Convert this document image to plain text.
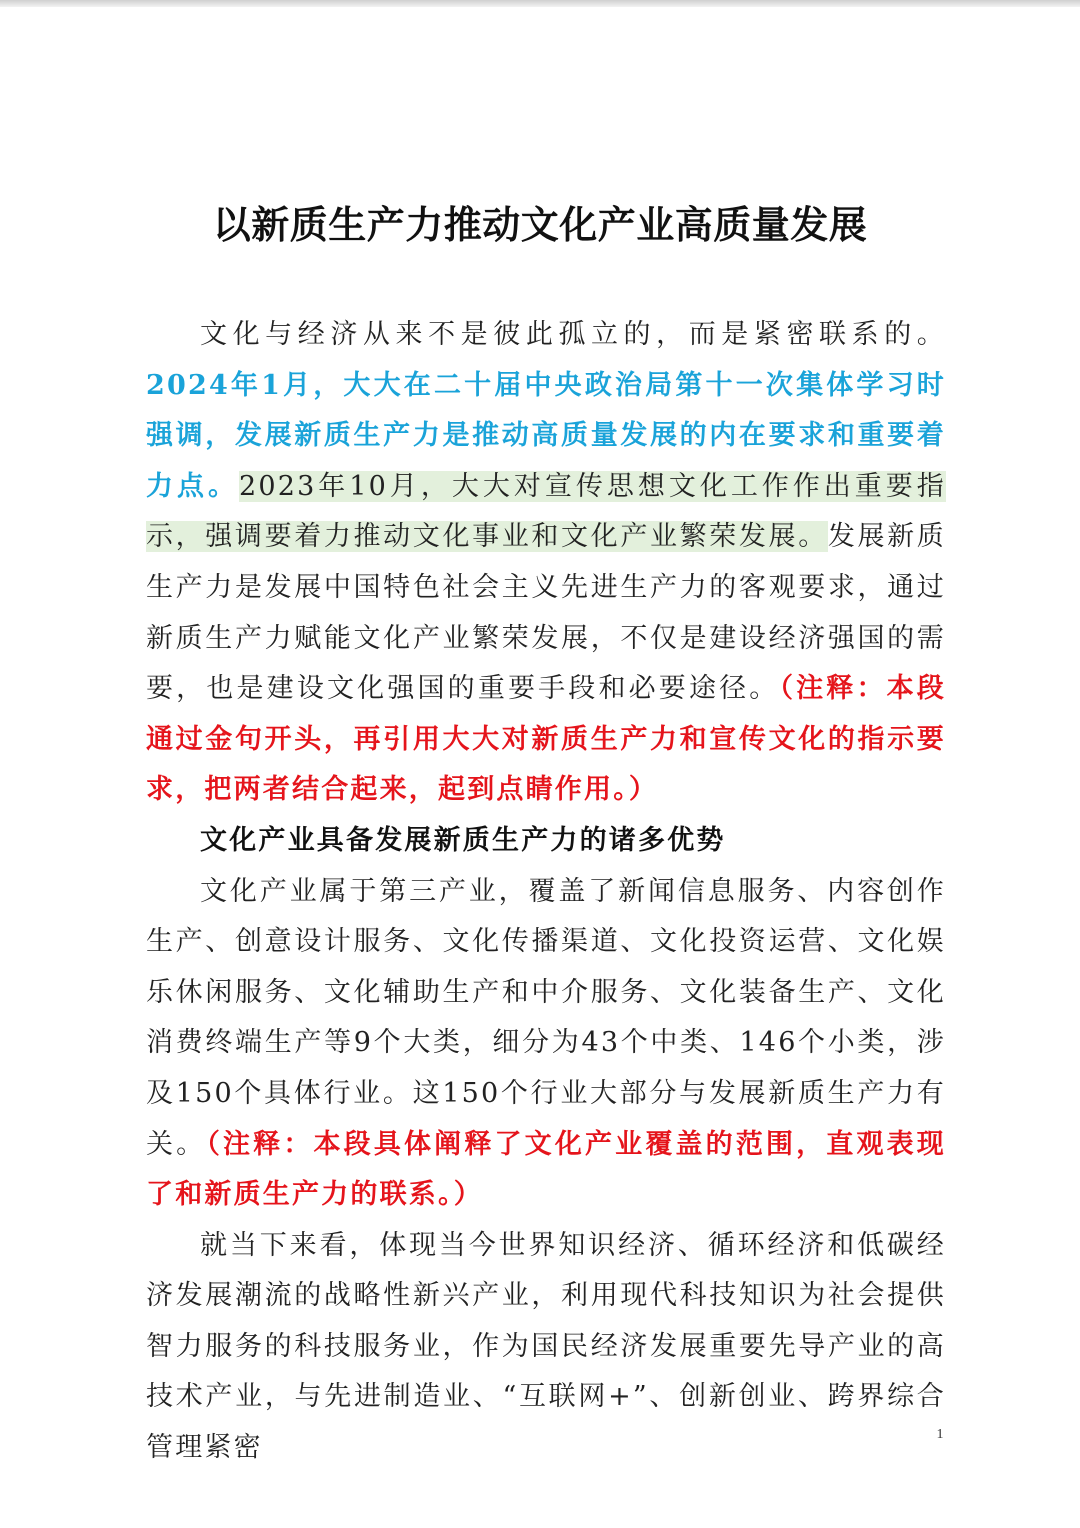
以新质生产力推动文化产业高质量发展

文化与经济从来不是彼此孤立的，而是紧密联系的。2024年1月，大大在二十届中央政治局第十一次集体学习时强调，发展新质生产力是推动高质量发展的内在要求和重要着力点。2023年10月，大大对宣传思想文化工作作出重要指示，强调要着力推动文化事业和文化产业繁荣发展。发展新质生产力是发展中国特色社会主义先进生产力的客观要求，通过新质生产力赋能文化产业繁荣发展，不仅是建设经济强国的需要，也是建设文化强国的重要手段和必要途径。（注释：本段通过金句开头，再引用大大对新质生产力和宣传文化的指示要求，把两者结合起来，起到点睛作用。）

文化产业具备发展新质生产力的诸多优势

文化产业属于第三产业，覆盖了新闻信息服务、内容创作生产、创意设计服务、文化传播渠道、文化投资运营、文化娱乐休闲服务、文化辅助生产和中介服务、文化装备生产、文化消费终端生产等9个大类，细分为43个中类、146个小类，涉及150个具体行业。这150个行业大部分与发展新质生产力有关。（注释：本段具体阐释了文化产业覆盖的范围，直观表现了和新质生产力的联系。）

就当下来看，体现当今世界知识经济、循环经济和低碳经济发展潮流的战略性新兴产业，利用现代科技知识为社会提供智力服务的科技服务业，作为国民经济发展重要先导产业的高技术产业，与先进制造业、“互联网+”、创新创业、跨界综合管理紧密	1
